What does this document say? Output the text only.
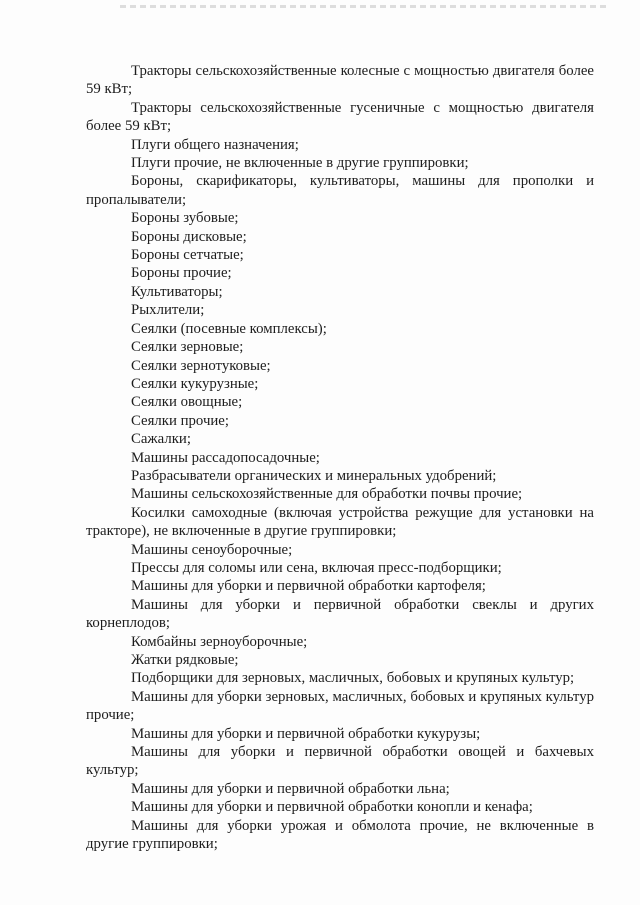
Тракторы сельскохозяйственные колесные с мощностью двигателя более 59 кВт;

Тракторы сельскохозяйственные гусеничные с мощностью двигателя более 59 кВт;

Плуги общего назначения;

Плуги прочие, не включенные в другие группировки;

Бороны, скарификаторы, культиваторы, машины для прополки и пропалыватели;

Бороны зубовые;

Бороны дисковые;

Бороны сетчатые;

Бороны прочие;

Культиваторы;

Рыхлители;

Сеялки (посевные комплексы);

Сеялки зерновые;

Сеялки зернотуковые;

Сеялки кукурузные;

Сеялки овощные;

Сеялки прочие;

Сажалки;

Машины рассадопосадочные;

Разбрасыватели органических и минеральных удобрений;

Машины сельскохозяйственные для обработки почвы прочие;

Косилки самоходные (включая устройства режущие для установки на тракторе), не включенные в другие группировки;

Машины сеноуборочные;

Прессы для соломы или сена, включая пресс-подборщики;

Машины для уборки и первичной обработки картофеля;

Машины для уборки и первичной обработки свеклы и других корнеплодов;

Комбайны зерноуборочные;

Жатки рядковые;

Подборщики для зерновых, масличных, бобовых и крупяных культур;

Машины для уборки зерновых, масличных, бобовых и крупяных культур прочие;

Машины для уборки и первичной обработки кукурузы;

Машины для уборки и первичной обработки овощей и бахчевых культур;

Машины для уборки и первичной обработки льна;

Машины для уборки и первичной обработки конопли и кенафа;

Машины для уборки урожая и обмолота прочие, не включенные в другие группировки;
